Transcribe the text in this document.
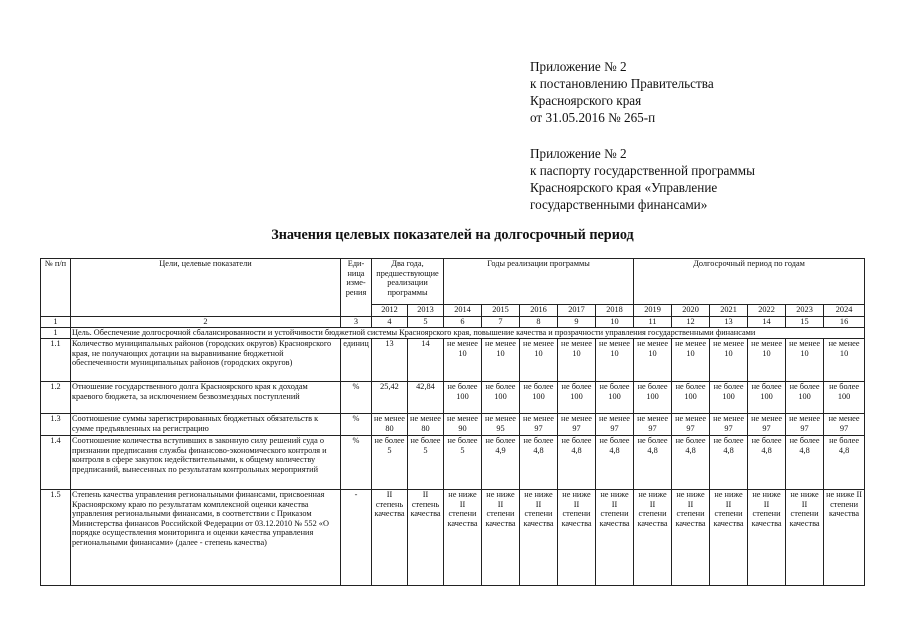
Приложение № 2
к постановлению Правительства
Красноярского края
от 31.05.2016 № 265-п
Приложение № 2
к паспорту государственной программы
Красноярского края «Управление
государственными финансами»
Значения целевых показателей на долгосрочный период
№ п/п	Цели, целевые показатели	Еди- ница изме- рения	Два года, предшествующие реализации программы		Годы реализации программы					Долгосрочный период по годам					
			2012	2013	2014	2015	2016	2017	2018	2019	2020	2021	2022	2023	2024
1	2	3	4	5	6	7	8	9	10	11	12	13	14	15	16
1	Цель. Обеспечение долгосрочной сбалансированности и устойчивости бюджетной системы Красноярского края, повышение качества и прозрачности управления государственными финансами														
1.1	Количество муниципальных районов (городских округов) Красноярского края, не получающих дотации на выравнивание бюджетной обеспеченности муниципальных районов (городских округов)	единиц	13	14	не менее 10	не менее 10	не менее 10	не менее 10	не менее 10	не менее 10	не менее 10	не менее 10	не менее 10	не менее 10	не менее 10
1.2	Отношение государственного долга Красноярского края к доходам краевого бюджета, за исключением безвозмездных поступлений	%	25,42	42,84	не более 100	не более 100	не более 100	не более 100	не более 100	не более 100	не более 100	не более 100	не более 100	не более 100	не более 100
1.3	Соотношение суммы зарегистрированных бюджетных обязательств к сумме предъявленных на регистрацию	%	не менее 80	не менее 80	не менее 90	не менее 95	не менее 97	не менее 97	не менее 97	не менее 97	не менее 97	не менее 97	не менее 97	не менее 97	не менее 97
1.4	Соотношение количества вступивших в законную силу решений суда о признании предписания службы финансово-экономического контроля и контроля в сфере закупок недействительными, к общему количеству предписаний, вынесенных по результатам контрольных мероприятий	%	не более 5	не более 5	не более 5	не более 4,9	не более 4,8	не более 4,8	не более 4,8	не более 4,8	не более 4,8	не более 4,8	не более 4,8	не более 4,8	не более 4,8
1.5	Степень качества управления региональными финансами, присвоенная Красноярскому краю по результатам комплексной оценки качества управления региональными финансами, в соответствии с Приказом Министерства финансов Российской Федерации от 03.12.2010 № 552 «О порядке осуществления мониторинга и оценки качества управления региональными финансами» (далее - степень качества)	-	II степень качества	II степень качества	не ниже II степени качества	не ниже II степени качества	не ниже II степени качества	не ниже II степени качества	не ниже II степени качества	не ниже II степени качества	не ниже II степени качества	не ниже II степени качества	не ниже II степени качества	не ниже II степени качества	не ниже II степени качества
